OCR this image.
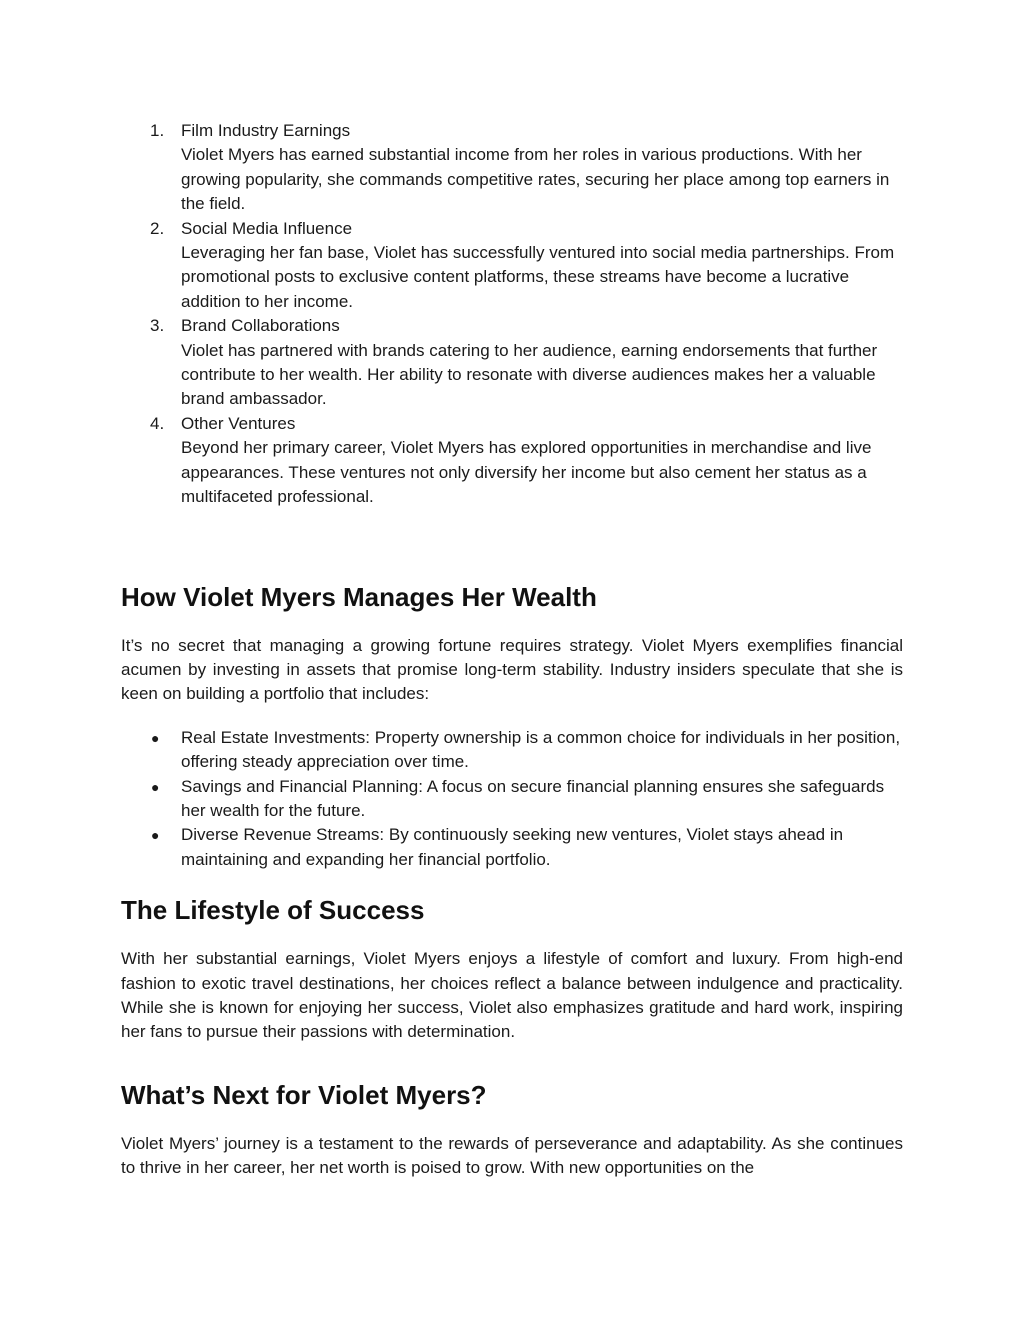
1. Film Industry Earnings
Violet Myers has earned substantial income from her roles in various productions. With her growing popularity, she commands competitive rates, securing her place among top earners in the field.
2. Social Media Influence
Leveraging her fan base, Violet has successfully ventured into social media partnerships. From promotional posts to exclusive content platforms, these streams have become a lucrative addition to her income.
3. Brand Collaborations
Violet has partnered with brands catering to her audience, earning endorsements that further contribute to her wealth. Her ability to resonate with diverse audiences makes her a valuable brand ambassador.
4. Other Ventures
Beyond her primary career, Violet Myers has explored opportunities in merchandise and live appearances. These ventures not only diversify her income but also cement her status as a multifaceted professional.
How Violet Myers Manages Her Wealth

It’s no secret that managing a growing fortune requires strategy. Violet Myers exemplifies financial acumen by investing in assets that promise long-term stability. Industry insiders speculate that she is keen on building a portfolio that includes:

● Real Estate Investments: Property ownership is a common choice for individuals in her position, offering steady appreciation over time.
● Savings and Financial Planning: A focus on secure financial planning ensures she safeguards her wealth for the future.
● Diverse Revenue Streams: By continuously seeking new ventures, Violet stays ahead in maintaining and expanding her financial portfolio.
The Lifestyle of Success

With her substantial earnings, Violet Myers enjoys a lifestyle of comfort and luxury. From high-end fashion to exotic travel destinations, her choices reflect a balance between indulgence and practicality. While she is known for enjoying her success, Violet also emphasizes gratitude and hard work, inspiring her fans to pursue their passions with determination.

What’s Next for Violet Myers?

Violet Myers’ journey is a testament to the rewards of perseverance and adaptability. As she continues to thrive in her career, her net worth is poised to grow. With new opportunities on the
